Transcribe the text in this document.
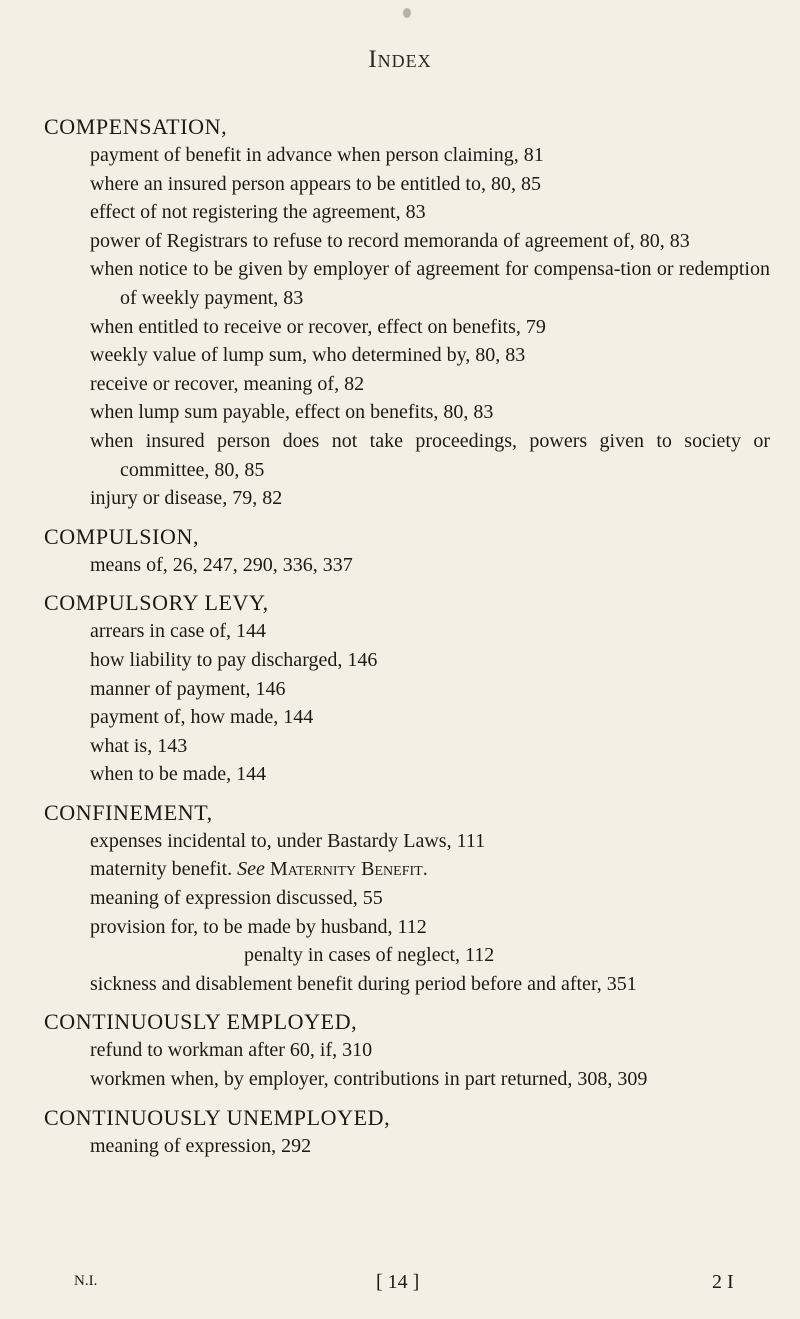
Index
COMPENSATION,
payment of benefit in advance when person claiming, 81
where an insured person appears to be entitled to, 80, 85
effect of not registering the agreement, 83
power of Registrars to refuse to record memoranda of agreement of, 80, 83
when notice to be given by employer of agreement for compensa-tion or redemption of weekly payment, 83
when entitled to receive or recover, effect on benefits, 79
weekly value of lump sum, who determined by, 80, 83
receive or recover, meaning of, 82
when lump sum payable, effect on benefits, 80, 83
when insured person does not take proceedings, powers given to society or committee, 80, 85
injury or disease, 79, 82
COMPULSION,
means of, 26, 247, 290, 336, 337
COMPULSORY LEVY,
arrears in case of, 144
how liability to pay discharged, 146
manner of payment, 146
payment of, how made, 144
what is, 143
when to be made, 144
CONFINEMENT,
expenses incidental to, under Bastardy Laws, 111
maternity benefit. See Maternity Benefit.
meaning of expression discussed, 55
provision for, to be made by husband, 112
penalty in cases of neglect, 112
sickness and disablement benefit during period before and after, 351
CONTINUOUSLY EMPLOYED,
refund to workman after 60, if, 310
workmen when, by employer, contributions in part returned, 308, 309
CONTINUOUSLY UNEMPLOYED,
meaning of expression, 292
N.I.	[ 14 ]	2 I
